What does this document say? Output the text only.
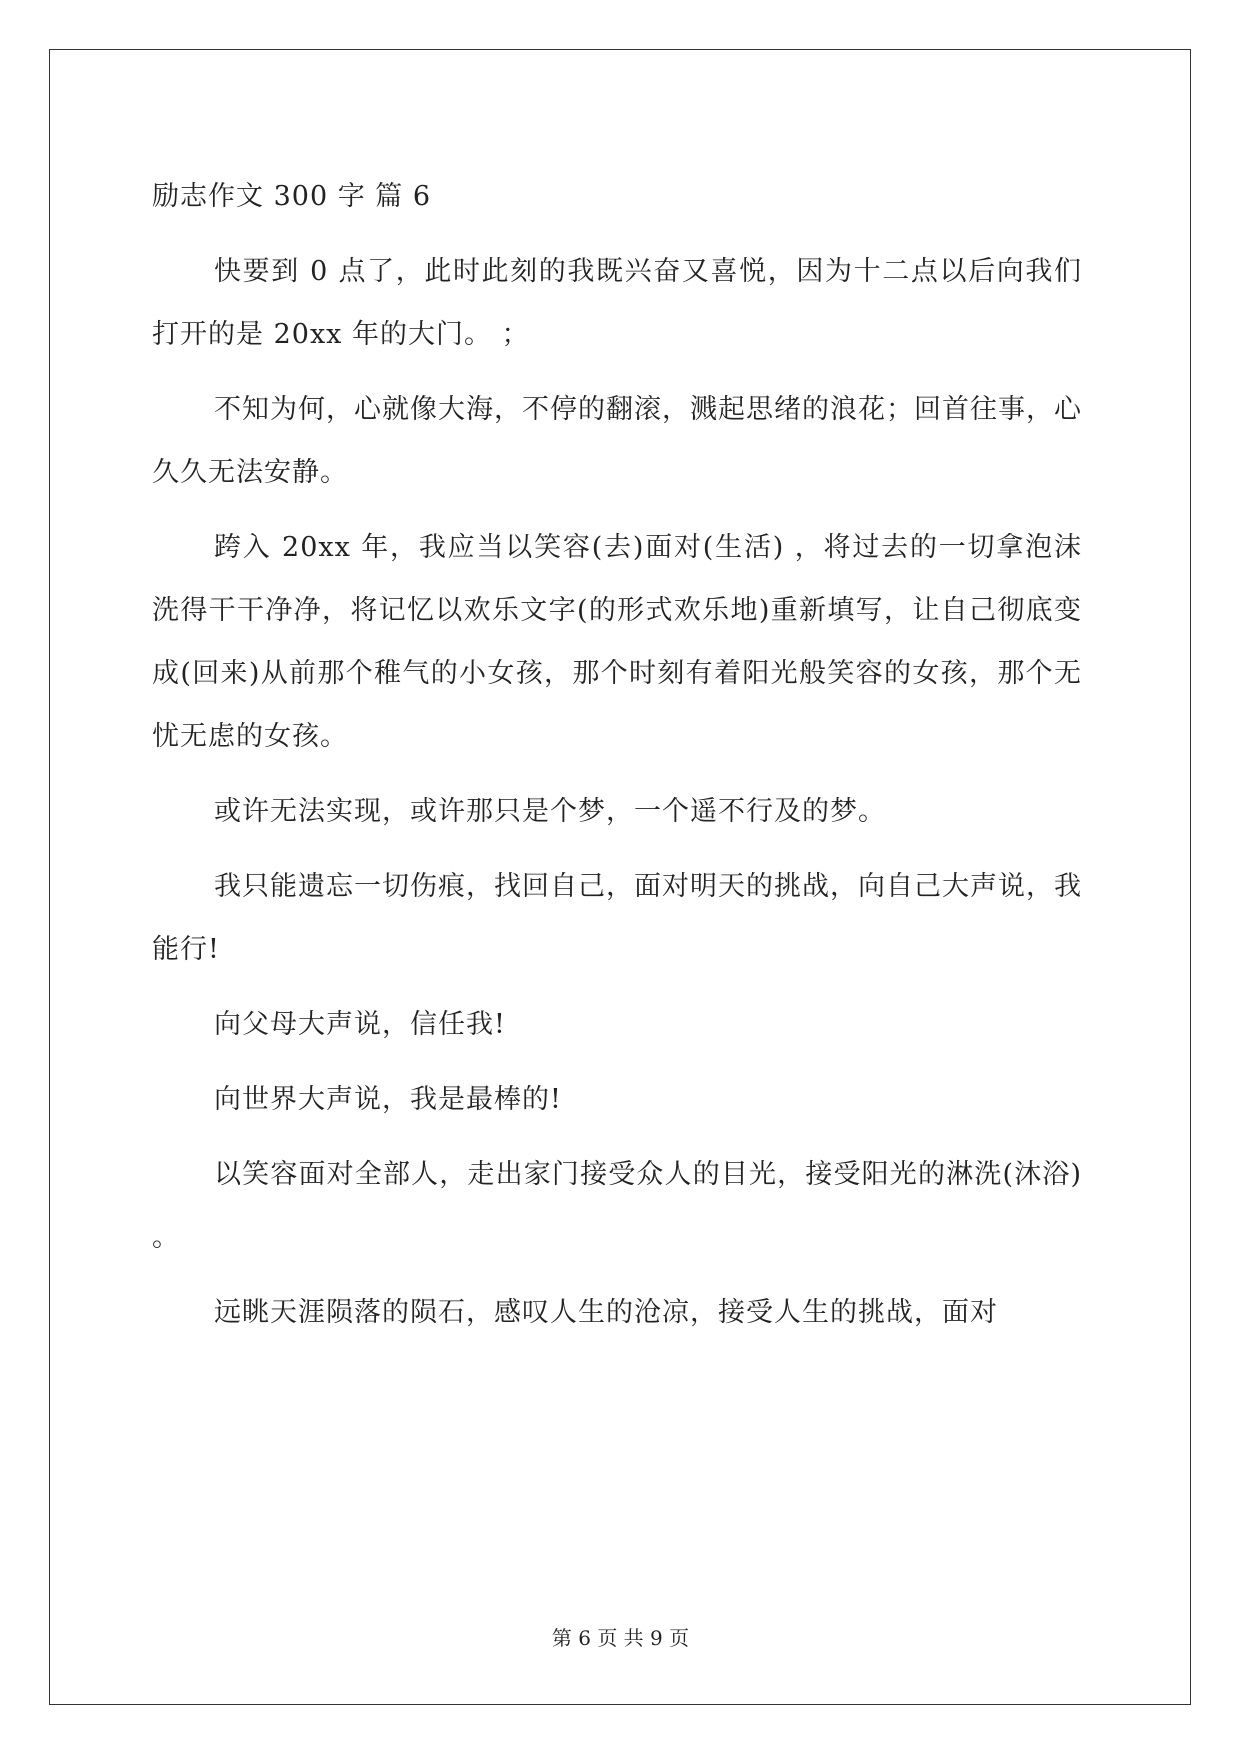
励志作文 300 字 篇 6

快要到 0 点了，此时此刻的我既兴奋又喜悦，因为十二点以后向我们打开的是 20xx 年的大门。 ；

不知为何，心就像大海，不停的翻滚，溅起思绪的浪花；回首往事，心久久无法安静。

跨入 20xx 年，我应当以笑容(去)面对(生活) ，将过去的一切拿泡沫洗得干干净净，将记忆以欢乐文字(的形式欢乐地)重新填写，让自己彻底变成(回来)从前那个稚气的小女孩，那个时刻有着阳光般笑容的女孩，那个无忧无虑的女孩。

或许无法实现，或许那只是个梦，一个遥不行及的梦。

我只能遗忘一切伤痕，找回自己，面对明天的挑战，向自己大声说，我能行!

向父母大声说，信任我!

向世界大声说，我是最棒的!

以笑容面对全部人，走出家门接受众人的目光，接受阳光的淋洗(沐浴) 。

远眺天涯陨落的陨石，感叹人生的沧凉，接受人生的挑战，面对

第 6 页 共 9 页
